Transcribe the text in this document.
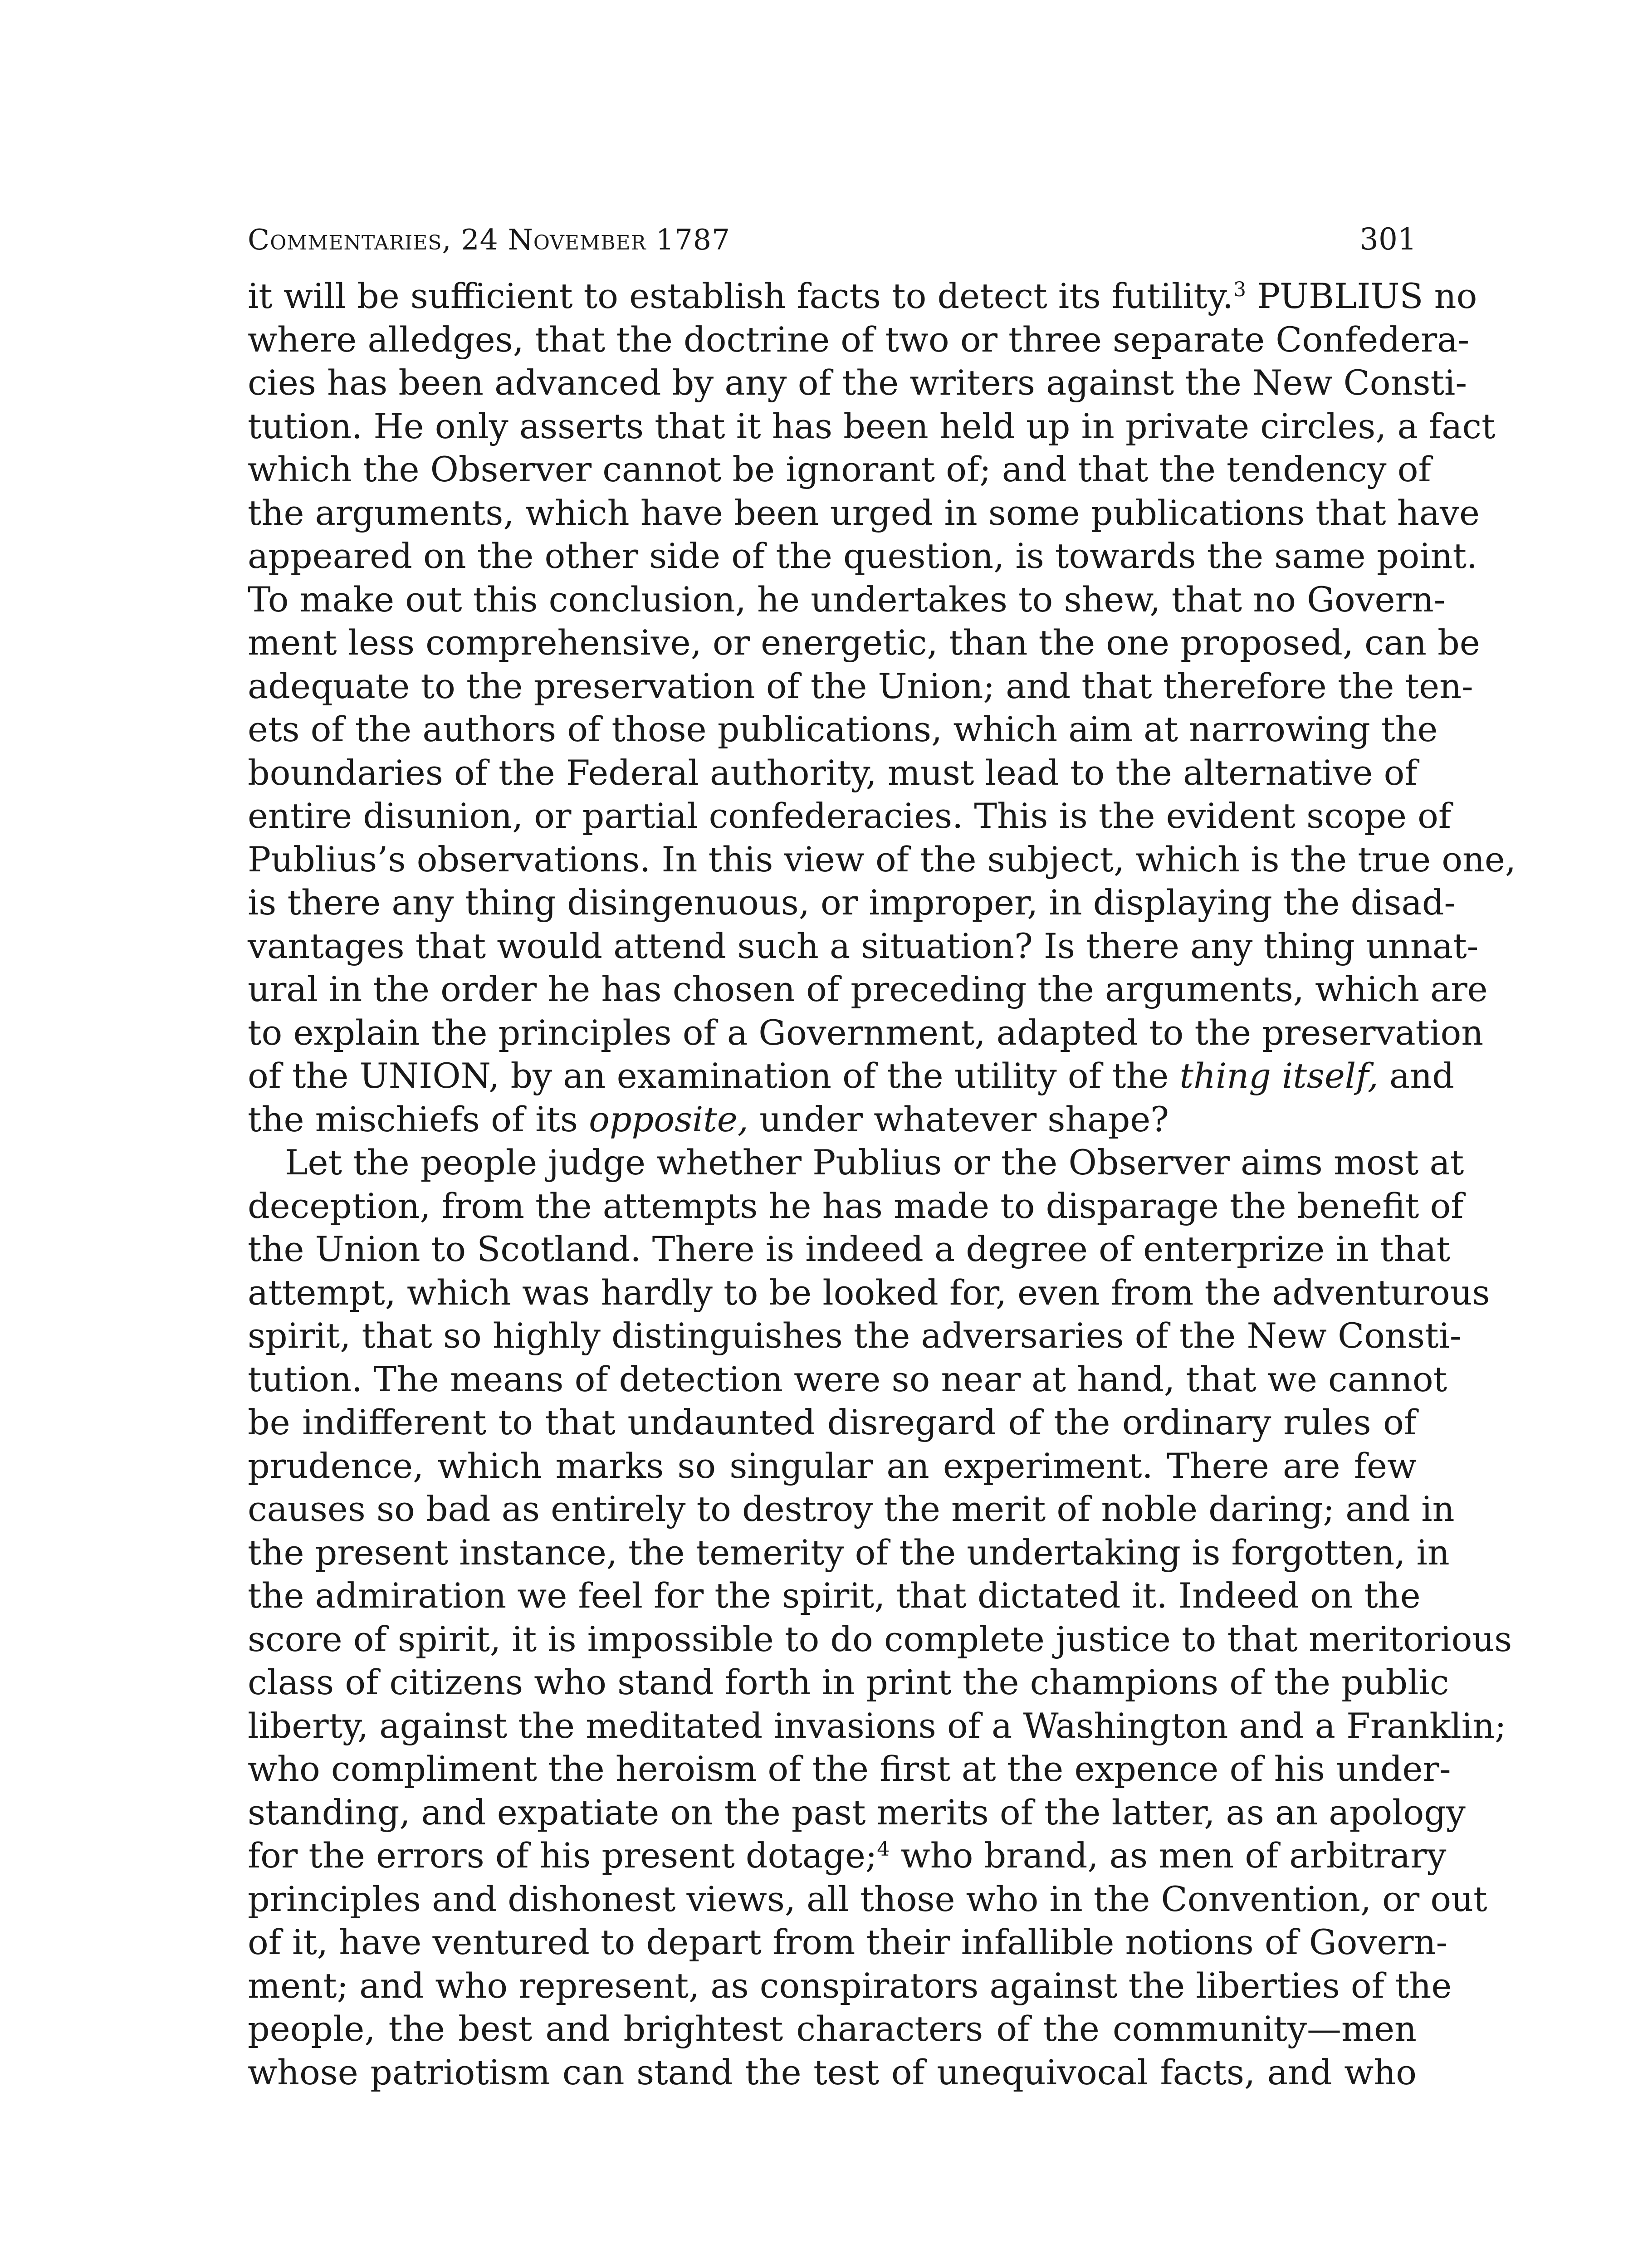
Commentaries, 24 November 1787	301
it will be sufficient to establish facts to detect its futility.$^3$ PUBLIUS no
where alledges, that the doctrine of two or three separate Confedera-
cies has been advanced by any of the writers against the New Consti-
tution. He only asserts that it has been held up in private circles, a fact
which the Observer cannot be ignorant of; and that the tendency of
the arguments, which have been urged in some publications that have
appeared on the other side of the question, is towards the same point.
To make out this conclusion, he undertakes to shew, that no Govern-
ment less comprehensive, or energetic, than the one proposed, can be
adequate to the preservation of the Union; and that therefore the ten-
ets of the authors of those publications, which aim at narrowing the
boundaries of the Federal authority, must lead to the alternative of
entire disunion, or partial confederacies. This is the evident scope of
Publius’s observations. In this view of the subject, which is the true one,
is there any thing disingenuous, or improper, in displaying the disad-
vantages that would attend such a situation? Is there any thing unnat-
ural in the order he has chosen of preceding the arguments, which are
to explain the principles of a Government, adapted to the preservation
of the UNION, by an examination of the utility of the thing itself, and
the mischiefs of its opposite, under whatever shape?
Let the people judge whether Publius or the Observer aims most at
deception, from the attempts he has made to disparage the benefit of
the Union to Scotland. There is indeed a degree of enterprize in that
attempt, which was hardly to be looked for, even from the adventurous
spirit, that so highly distinguishes the adversaries of the New Consti-
tution. The means of detection were so near at hand, that we cannot
be indifferent to that undaunted disregard of the ordinary rules of
prudence, which marks so singular an experiment. There are few
causes so bad as entirely to destroy the merit of noble daring; and in
the present instance, the temerity of the undertaking is forgotten, in
the admiration we feel for the spirit, that dictated it. Indeed on the
score of spirit, it is impossible to do complete justice to that meritorious
class of citizens who stand forth in print the champions of the public
liberty, against the meditated invasions of a Washington and a Franklin;
who compliment the heroism of the first at the expence of his under-
standing, and expatiate on the past merits of the latter, as an apology
for the errors of his present dotage;$^4$ who brand, as men of arbitrary
principles and dishonest views, all those who in the Convention, or out
of it, have ventured to depart from their infallible notions of Govern-
ment; and who represent, as conspirators against the liberties of the
people, the best and brightest characters of the community—men
whose patriotism can stand the test of unequivocal facts, and who
